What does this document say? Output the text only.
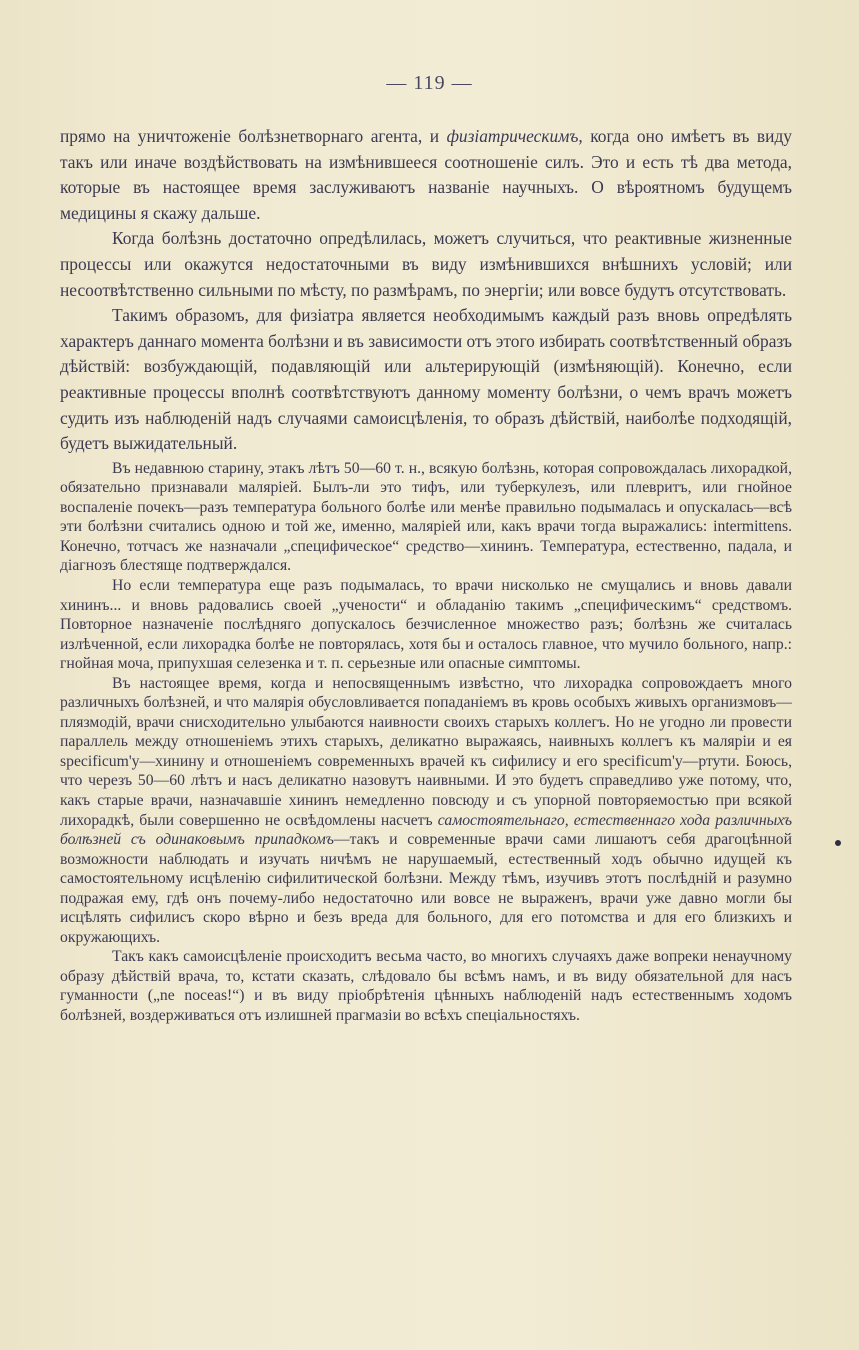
— 119 —

прямо на уничтоженіе болѣзнетворнаго агента, и физіатрическимъ, когда оно имѣетъ въ виду такъ или иначе воздѣйствовать на измѣнившееся соотношеніе силъ. Это и есть тѣ два метода, которые въ настоящее время заслуживаютъ названіе научныхъ. О вѣроятномъ будущемъ медицины я скажу дальше.

Когда болѣзнь достаточно опредѣлилась, можетъ случиться, что реактивные жизненные процессы или окажутся недостаточными въ виду измѣнившихся внѣшнихъ условій; или несоотвѣтственно сильными по мѣсту, по размѣрамъ, по энергіи; или вовсе будутъ отсутствовать.

Такимъ образомъ, для физіатра является необходимымъ каждый разъ вновь опредѣлять характеръ даннаго момента болѣзни и въ зависимости отъ этого избирать соотвѣтственный образъ дѣйствій: возбуждающій, подавляющій или альтерирующій (измѣняющій). Конечно, если реактивные процессы вполнѣ соотвѣтствуютъ данному моменту болѣзни, о чемъ врачъ можетъ судить изъ наблюденій надъ случаями самоисцѣленія, то образъ дѣйствій, наиболѣе подходящій, будетъ выжидательный.

Въ недавнюю старину, этакъ лѣтъ 50—60 т. н., всякую болѣзнь, которая сопровождалась лихорадкой, обязательно признавали маляріей. Былъ-ли это тифъ, или туберкулезъ, или плевритъ, или гнойное воспаленіе почекъ—разъ температура больного болѣе или менѣе правильно подымалась и опускалась—всѣ эти болѣзни считались одною и той же, именно, маляріей или, какъ врачи тогда выражались: intermittens. Конечно, тотчасъ же назначали „специфическое“ средство—хининъ. Температура, естественно, падала, и діагнозъ блестяще подтверждался.

Но если температура еще разъ подымалась, то врачи нисколько не смущались и вновь давали хининъ... и вновь радовались своей „учености“ и обладанію такимъ „специфическимъ“ средствомъ. Повторное назначеніе послѣдняго допускалось безчисленное множество разъ; болѣзнь же считалась излѣченной, если лихорадка болѣе не повторялась, хотя бы и осталось главное, что мучило больного, напр.: гнойная моча, припухшая селезенка и т. п. серьезные или опасные симптомы.

Въ настоящее время, когда и непосвященнымъ извѣстно, что лихорадка сопровождаетъ много различныхъ болѣзней, и что малярія обусловливается попаданіемъ въ кровь особыхъ живыхъ организмовъ—плязмодій, врачи снисходительно улыбаются наивности своихъ старыхъ коллегъ. Но не угодно ли провести параллель между отношеніемъ этихъ старыхъ, деликатно выражаясь, наивныхъ коллегъ къ маляріи и ея specificum'у—хинину и отношеніемъ современныхъ врачей къ сифилису и его specificum'у—ртути. Боюсь, что черезъ 50—60 лѣтъ и насъ деликатно назовутъ наивными. И это будетъ справедливо уже потому, что, какъ старые врачи, назначавшіе хининъ немедленно повсюду и съ упорной повторяемостью при всякой лихорадкѣ, были совершенно не освѣдомлены насчетъ самостоятельнаго, естественнаго хода различныхъ болѣзней съ одинаковымъ припадкомъ—такъ и современные врачи сами лишаютъ себя драгоцѣнной возможности наблюдать и изучать ничѣмъ не нарушаемый, естественный ходъ обычно идущей къ самостоятельному исцѣленію сифилитической болѣзни. Между тѣмъ, изучивъ этотъ послѣдній и разумно подражая ему, гдѣ онъ почему-либо недостаточно или вовсе не выраженъ, врачи уже давно могли бы исцѣлять сифилисъ скоро вѣрно и безъ вреда для больного, для его потомства и для его близкихъ и окружающихъ.

Такъ какъ самоисцѣленіе происходитъ весьма часто, во многихъ случаяхъ даже вопреки ненаучному образу дѣйствій врача, то, кстати сказать, слѣдовало бы всѣмъ намъ, и въ виду обязательной для насъ гуманности („ne noceas!“) и въ виду пріобрѣтенія цѣнныхъ наблюденій надъ естественнымъ ходомъ болѣзней, воздерживаться отъ излишней прагмазіи во всѣхъ спеціальностяхъ.
